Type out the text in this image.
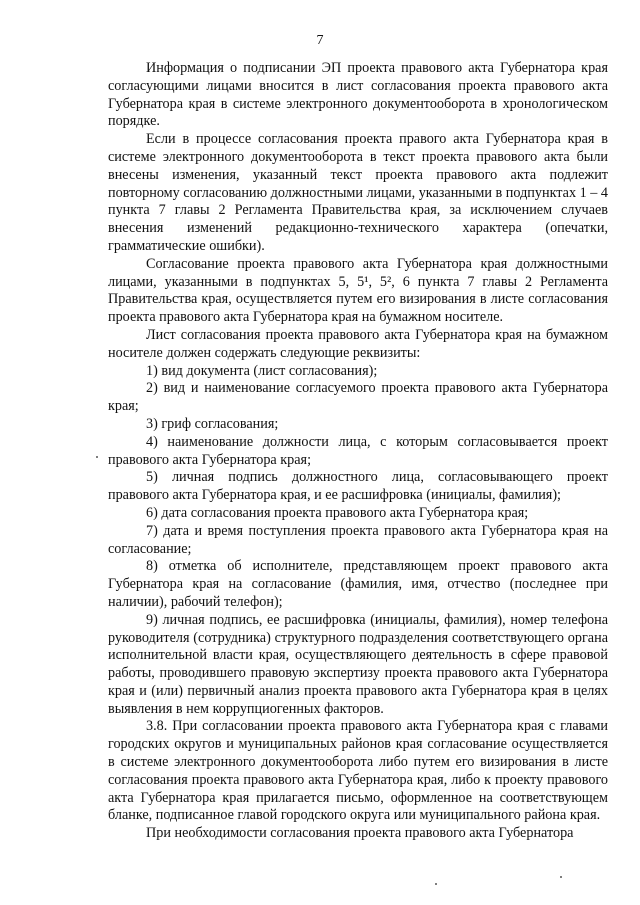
7

Информация о подписании ЭП проекта правового акта Губернатора края согласующими лицами вносится в лист согласования проекта правового акта Губернатора края в системе электронного документооборота в хронологическом порядке.

Если в процессе согласования проекта правого акта Губернатора края в системе электронного документооборота в текст проекта правового акта были внесены изменения, указанный текст проекта правового акта подлежит повторному согласованию должностными лицами, указанными в подпунктах 1 – 4 пункта 7 главы 2 Регламента Правительства края, за исключением случаев внесения изменений редакционно-технического характера (опечатки, грамматические ошибки).

Согласование проекта правового акта Губернатора края должностными лицами, указанными в подпунктах 5, 5¹, 5², 6 пункта 7 главы 2 Регламента Правительства края, осуществляется путем его визирования в листе согласования проекта правового акта Губернатора края на бумажном носителе.

Лист согласования проекта правового акта Губернатора края на бумажном носителе должен содержать следующие реквизиты:

1) вид документа (лист согласования);

2) вид и наименование согласуемого проекта правового акта Губернатора края;

3) гриф согласования;

4) наименование должности лица, с которым согласовывается проект правового акта Губернатора края;

5) личная подпись должностного лица, согласовывающего проект правового акта Губернатора края, и ее расшифровка (инициалы, фамилия);

6) дата согласования проекта правового акта Губернатора края;

7) дата и время поступления проекта правового акта Губернатора края на согласование;

8) отметка об исполнителе, представляющем проект правового акта Губернатора края на согласование (фамилия, имя, отчество (последнее при наличии), рабочий телефон);

9) личная подпись, ее расшифровка (инициалы, фамилия), номер телефона руководителя (сотрудника) структурного подразделения соответствующего органа исполнительной власти края, осуществляющего деятельность в сфере правовой работы, проводившего правовую экспертизу проекта правового акта Губернатора края и (или) первичный анализ проекта правового акта Губернатора края в целях выявления в нем коррупциогенных факторов.

3.8. При согласовании проекта правового акта Губернатора края с главами городских округов и муниципальных районов края согласование осуществляется в системе электронного документооборота либо путем его визирования в листе согласования проекта правового акта Губернатора края, либо к проекту правового акта Губернатора края прилагается письмо, оформленное на соответствующем бланке, подписанное главой городского округа или муниципального района края.

При необходимости согласования проекта правового акта Губернатора
